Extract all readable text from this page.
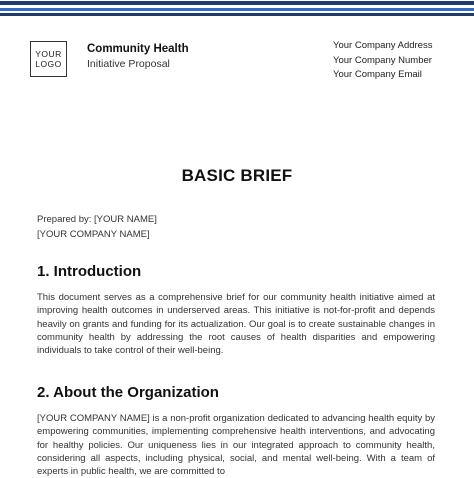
YOUR
LOGO
Community Health
Initiative Proposal
Your Company Address
Your Company Number
Your Company Email
BASIC BRIEF
Prepared by: [YOUR NAME]
[YOUR COMPANY NAME]
1. Introduction
This document serves as a comprehensive brief for our community health initiative aimed at improving health outcomes in underserved areas. This initiative is not-for-profit and depends heavily on grants and funding for its actualization. Our goal is to create sustainable changes in community health by addressing the root causes of health disparities and empowering individuals to take control of their well-being.
2. About the Organization
[YOUR COMPANY NAME] is a non-profit organization dedicated to advancing health equity by empowering communities, implementing comprehensive health interventions, and advocating for healthy policies. Our uniqueness lies in our integrated approach to community health, considering all aspects, including physical, social, and mental well-being. With a team of experts in public health, we are committed to
